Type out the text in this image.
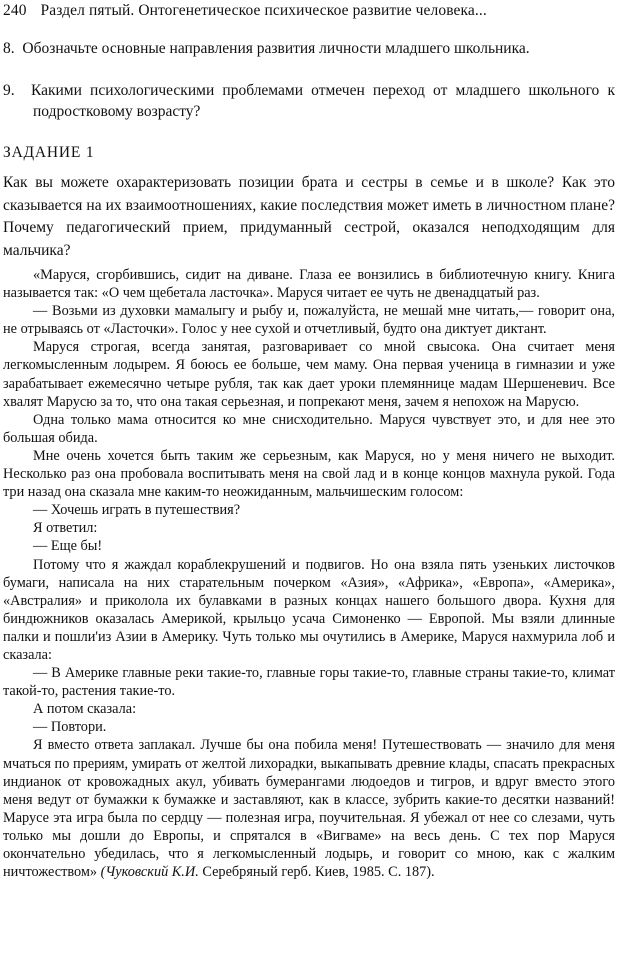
240 Раздел пятый. Онтогенетическое психическое развитие человека...
8. Обозначьте основные направления развития личности младшего школьника.
9. Какими психологическими проблемами отмечен переход от младшего школьного к подростковому возрасту?
ЗАДАНИЕ 1

Как вы можете охарактеризовать позиции брата и сестры в семье и в школе? Как это сказывается на их взаимоотношениях, какие последствия может иметь в личностном плане? Почему педагогический прием, придуманный сестрой, оказался неподходящим для мальчика?

«Маруся, сгорбившись, сидит на диване. Глаза ее вонзились в библиотечную книгу. Книга называется так: «О чем щебетала ласточка». Маруся читает ее чуть не двенадцатый раз.

— Возьми из духовки мамалыгу и рыбу и, пожалуйста, не мешай мне читать,— говорит она, не отрываясь от «Ласточки». Голос у нее сухой и отчетливый, будто она диктует диктант.

Маруся строгая, всегда занятая, разговаривает со мной свысока. Она считает меня легкомысленным лодырем. Я боюсь ее больше, чем маму. Она первая ученица в гимназии и уже зарабатывает ежемесячно четыре рубля, так как дает уроки племяннице мадам Шершеневич. Все хвалят Марусю за то, что она такая серьезная, и попрекают меня, зачем я непохож на Марусю.

Одна только мама относится ко мне снисходительно. Маруся чувствует это, и для нее это большая обида.

Мне очень хочется быть таким же серьезным, как Маруся, но у меня ничего не выходит. Несколько раз она пробовала воспитывать меня на свой лад и в конце концов махнула рукой. Года три назад она сказала мне каким-то неожиданным, мальчишеским голосом:

— Хочешь играть в путешествия?

Я ответил:

— Еще бы!

Потому что я жаждал кораблекрушений и подвигов. Но она взяла пять узеньких листочков бумаги, написала на них старательным почерком «Азия», «Африка», «Европа», «Америка», «Австралия» и приколола их булавками в разных концах нашего большого двора. Кухня для биндюжников оказалась Америкой, крыльцо усача Симоненко — Европой. Мы взяли длинные палки и пошли'из Азии в Америку. Чуть только мы очутились в Америке, Маруся нахмурила лоб и сказала:

— В Америке главные реки такие-то, главные горы такие-то, главные страны такие-то, климат такой-то, растения такие-то.

А потом сказала:

— Повтори.

Я вместо ответа заплакал. Лучше бы она побила меня! Путешествовать — значило для меня мчаться по прериям, умирать от желтой лихорадки, выкапывать древние клады, спасать прекрасных индианок от кровожадных акул, убивать бумерангами людоедов и тигров, и вдруг вместо этого меня ведут от бумажки к бумажке и заставляют, как в классе, зубрить какие-то десятки названий! Марусе эта игра была по сердцу — полезная игра, поучительная. Я убежал от нее со слезами, чуть только мы дошли до Европы, и спрятался в «Вигваме» на весь день. С тех пор Маруся окончательно убедилась, что я легкомысленный лодырь, и говорит со мною, как с жалким ничтожеством» (Чуковский К.И. Серебряный герб. Киев, 1985. С. 187).
